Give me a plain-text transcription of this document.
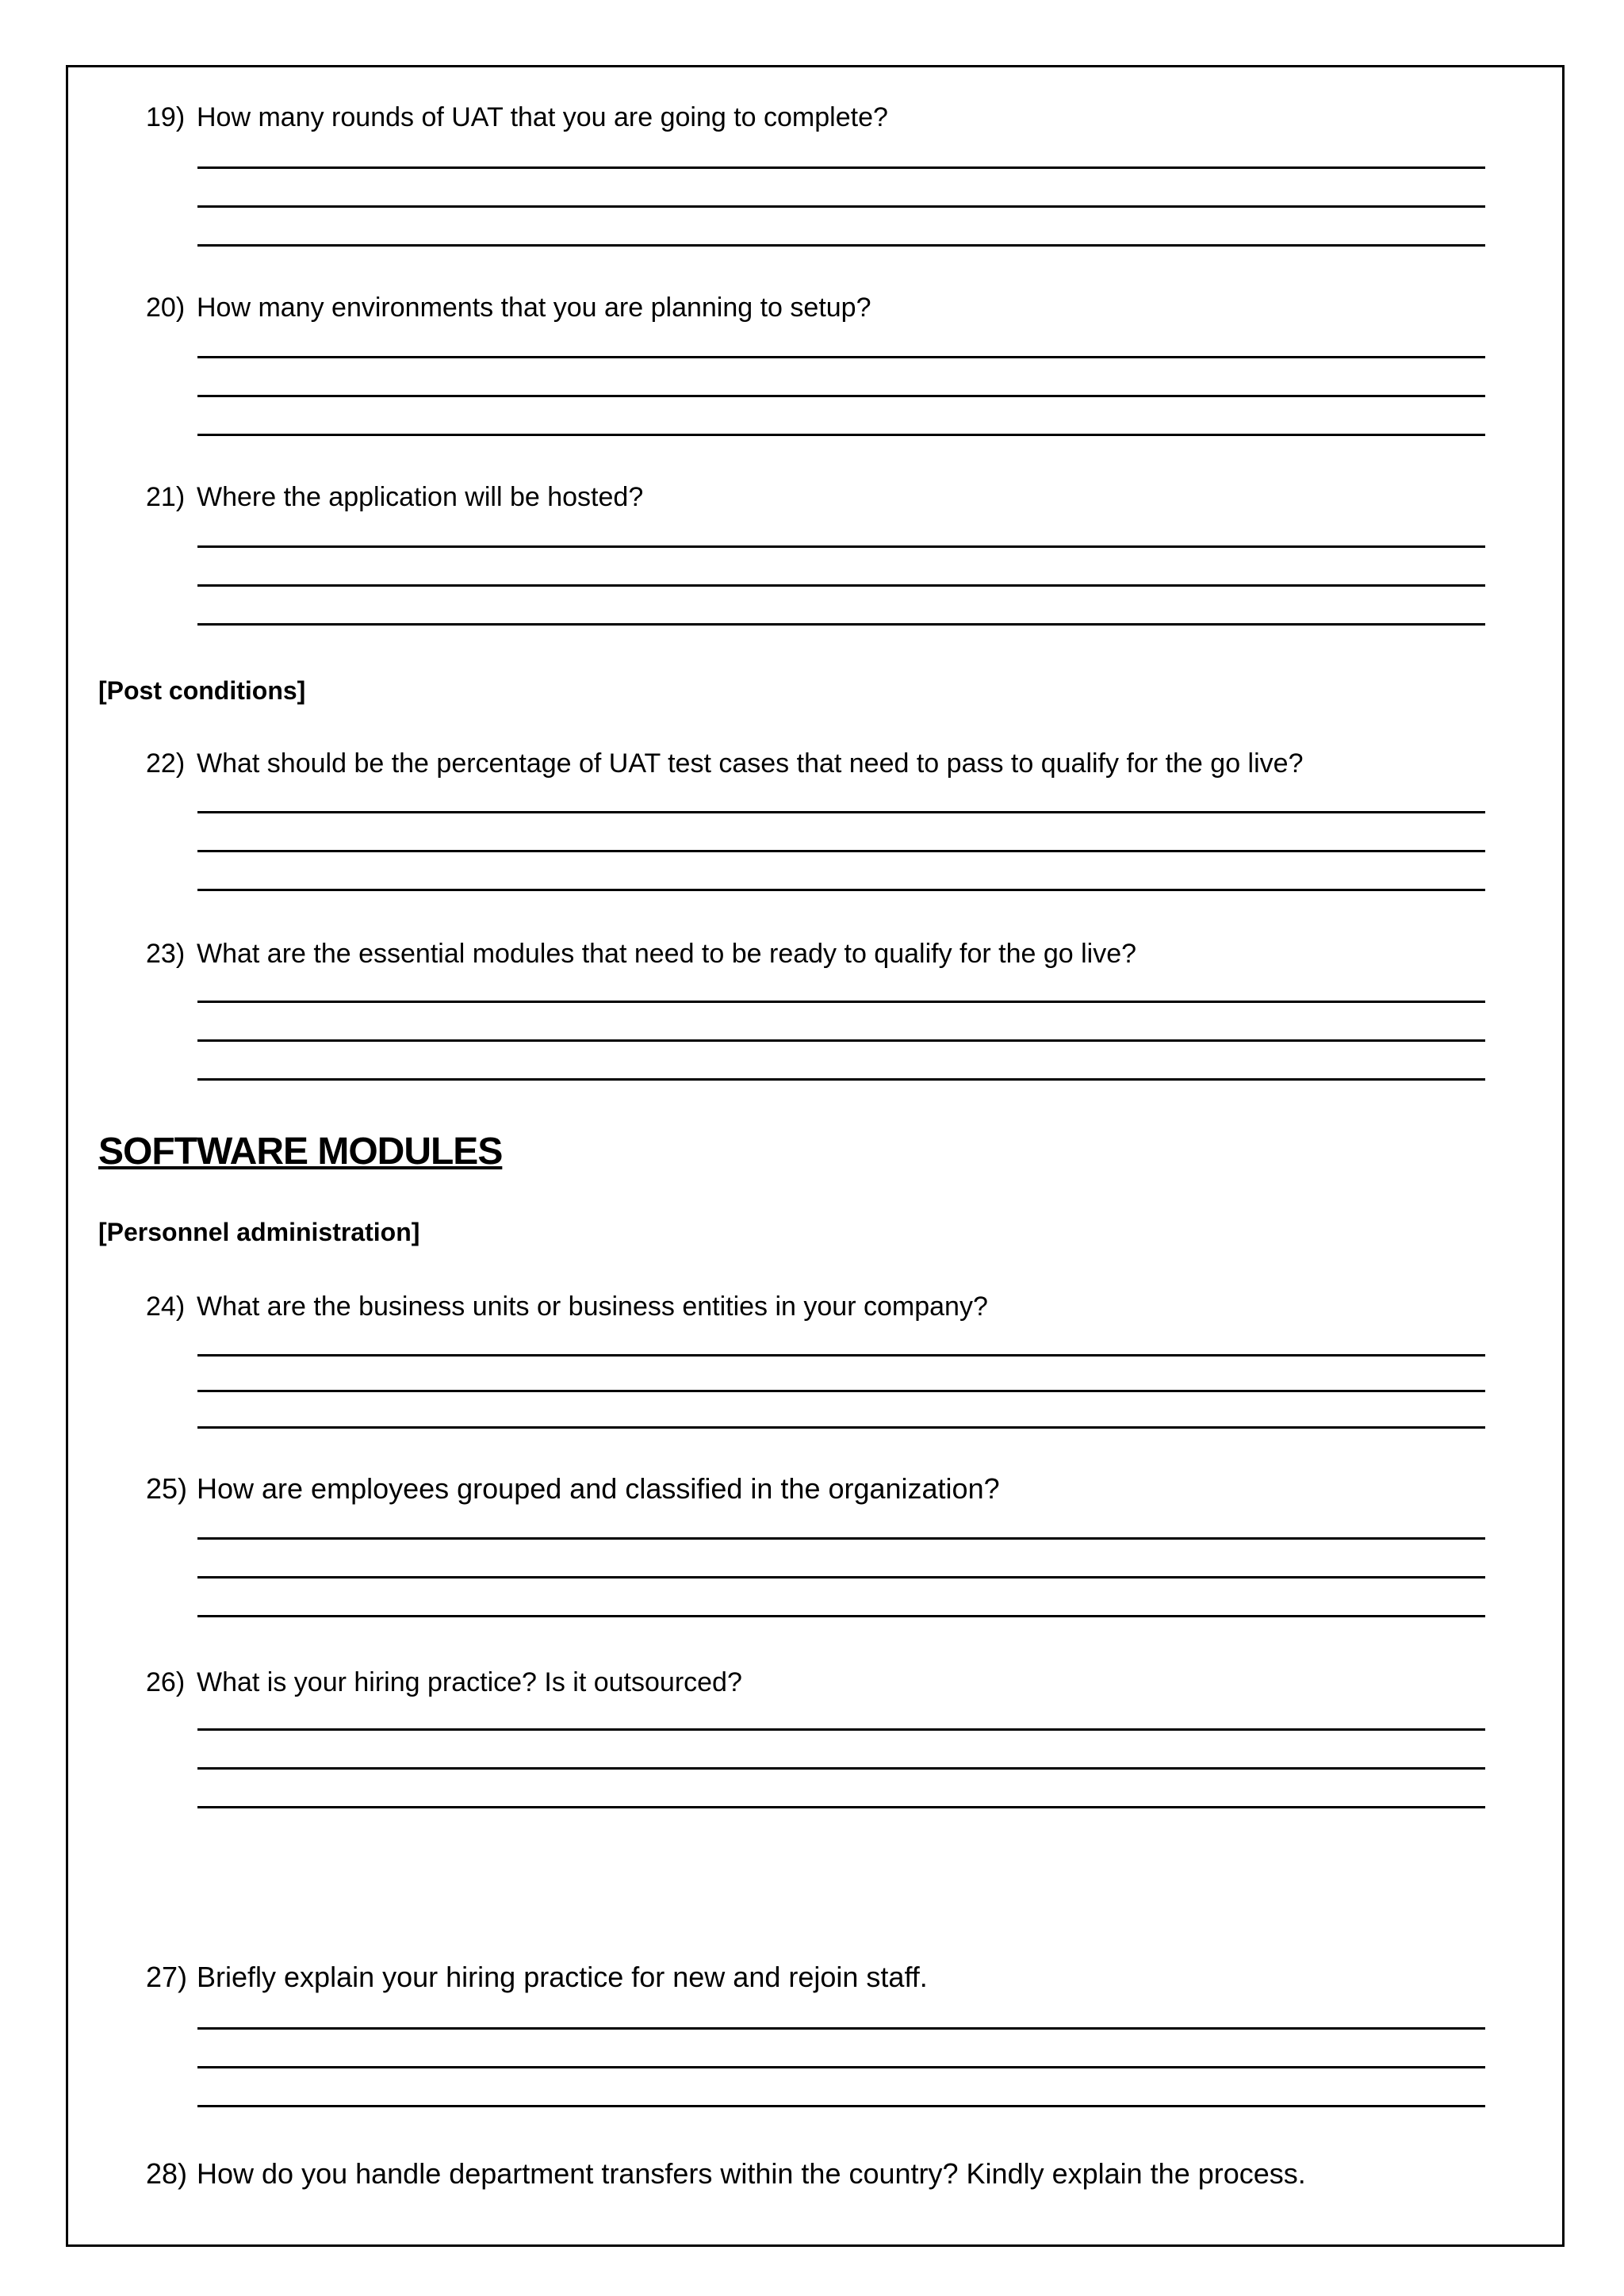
19) How many rounds of UAT that you are going to complete?
20) How many environments that you are planning to setup?
21) Where the application will be hosted?
[Post conditions]
22) What should be the percentage of UAT test cases that need to pass to qualify for the go live?
23) What are the essential modules that need to be ready to qualify for the go live?
SOFTWARE MODULES
[Personnel administration]
24) What are the business units or business entities in your company?
25) How are employees grouped and classified in the organization?
26) What is your hiring practice? Is it outsourced?
27) Briefly explain your hiring practice for new and rejoin staff.
28) How do you handle department transfers within the country? Kindly explain the process.
